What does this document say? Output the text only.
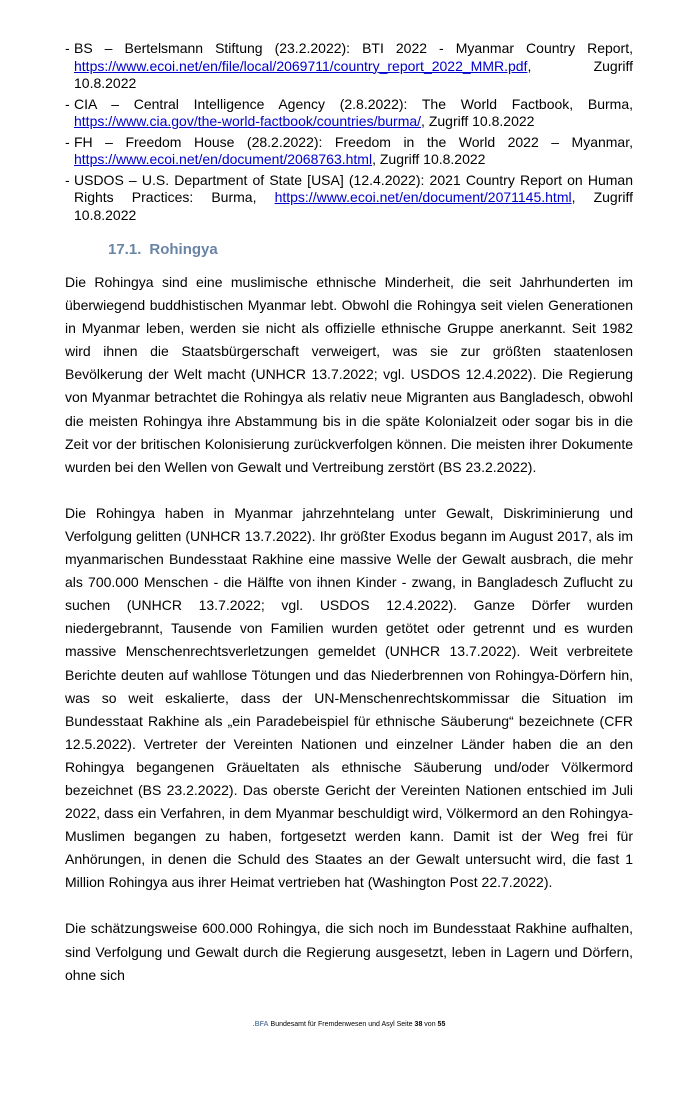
- BS – Bertelsmann Stiftung (23.2.2022): BTI 2022 - Myanmar Country Report, https://www.ecoi.net/en/file/local/2069711/country_report_2022_MMR.pdf, Zugriff 10.8.2022
- CIA – Central Intelligence Agency (2.8.2022): The World Factbook, Burma, https://www.cia.gov/the-world-factbook/countries/burma/, Zugriff 10.8.2022
- FH – Freedom House (28.2.2022): Freedom in the World 2022 – Myanmar, https://www.ecoi.net/en/document/2068763.html, Zugriff 10.8.2022
- USDOS – U.S. Department of State [USA] (12.4.2022): 2021 Country Report on Human Rights Practices: Burma, https://www.ecoi.net/en/document/2071145.html, Zugriff 10.8.2022
17.1. Rohingya

Die Rohingya sind eine muslimische ethnische Minderheit, die seit Jahrhunderten im überwiegend buddhistischen Myanmar lebt. Obwohl die Rohingya seit vielen Generationen in Myanmar leben, werden sie nicht als offizielle ethnische Gruppe anerkannt. Seit 1982 wird ihnen die Staatsbürgerschaft verweigert, was sie zur größten staatenlosen Bevölkerung der Welt macht (UNHCR 13.7.2022; vgl. USDOS 12.4.2022). Die Regierung von Myanmar betrachtet die Rohingya als relativ neue Migranten aus Bangladesch, obwohl die meisten Rohingya ihre Abstammung bis in die späte Kolonialzeit oder sogar bis in die Zeit vor der britischen Kolonisierung zurückverfolgen können. Die meisten ihrer Dokumente wurden bei den Wellen von Gewalt und Vertreibung zerstört (BS 23.2.2022).

Die Rohingya haben in Myanmar jahrzehntelang unter Gewalt, Diskriminierung und Verfolgung gelitten (UNHCR 13.7.2022). Ihr größter Exodus begann im August 2017, als im myanmarischen Bundesstaat Rakhine eine massive Welle der Gewalt ausbrach, die mehr als 700.000 Menschen - die Hälfte von ihnen Kinder - zwang, in Bangladesch Zuflucht zu suchen (UNHCR 13.7.2022; vgl. USDOS 12.4.2022). Ganze Dörfer wurden niedergebrannt, Tausende von Familien wurden getötet oder getrennt und es wurden massive Menschenrechtsverletzungen gemeldet (UNHCR 13.7.2022). Weit verbreitete Berichte deuten auf wahllose Tötungen und das Niederbrennen von Rohingya-Dörfern hin, was so weit eskalierte, dass der UN-Menschenrechtskommissar die Situation im Bundesstaat Rakhine als „ein Paradebeispiel für ethnische Säuberung“ bezeichnete (CFR 12.5.2022). Vertreter der Vereinten Nationen und einzelner Länder haben die an den Rohingya begangenen Gräueltaten als ethnische Säuberung und/oder Völkermord bezeichnet (BS 23.2.2022). Das oberste Gericht der Vereinten Nationen entschied im Juli 2022, dass ein Verfahren, in dem Myanmar beschuldigt wird, Völkermord an den Rohingya-Muslimen begangen zu haben, fortgesetzt werden kann. Damit ist der Weg frei für Anhörungen, in denen die Schuld des Staates an der Gewalt untersucht wird, die fast 1 Million Rohingya aus ihrer Heimat vertrieben hat (Washington Post 22.7.2022).

Die schätzungsweise 600.000 Rohingya, die sich noch im Bundesstaat Rakhine aufhalten, sind Verfolgung und Gewalt durch die Regierung ausgesetzt, leben in Lagern und Dörfern, ohne sich

.BFA Bundesamt für Fremdenwesen und Asyl Seite 38 von 55
